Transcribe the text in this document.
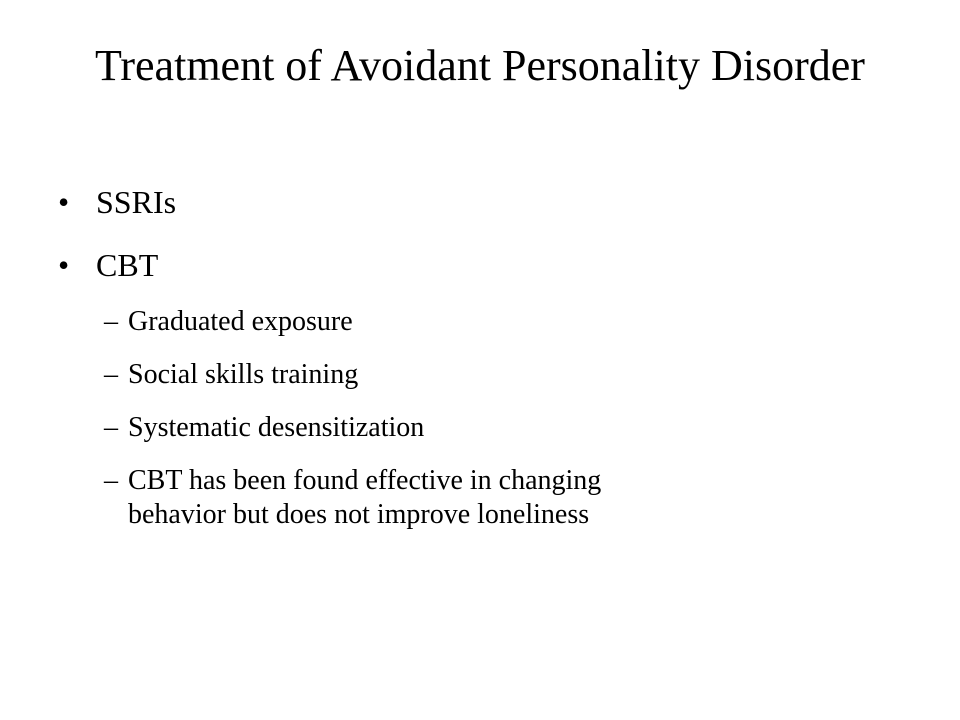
Treatment of Avoidant Personality Disorder
• SSRIs
• CBT
– Graduated exposure
– Social skills training
– Systematic desensitization
– CBT has been found effective in changing
behavior but does not improve loneliness
